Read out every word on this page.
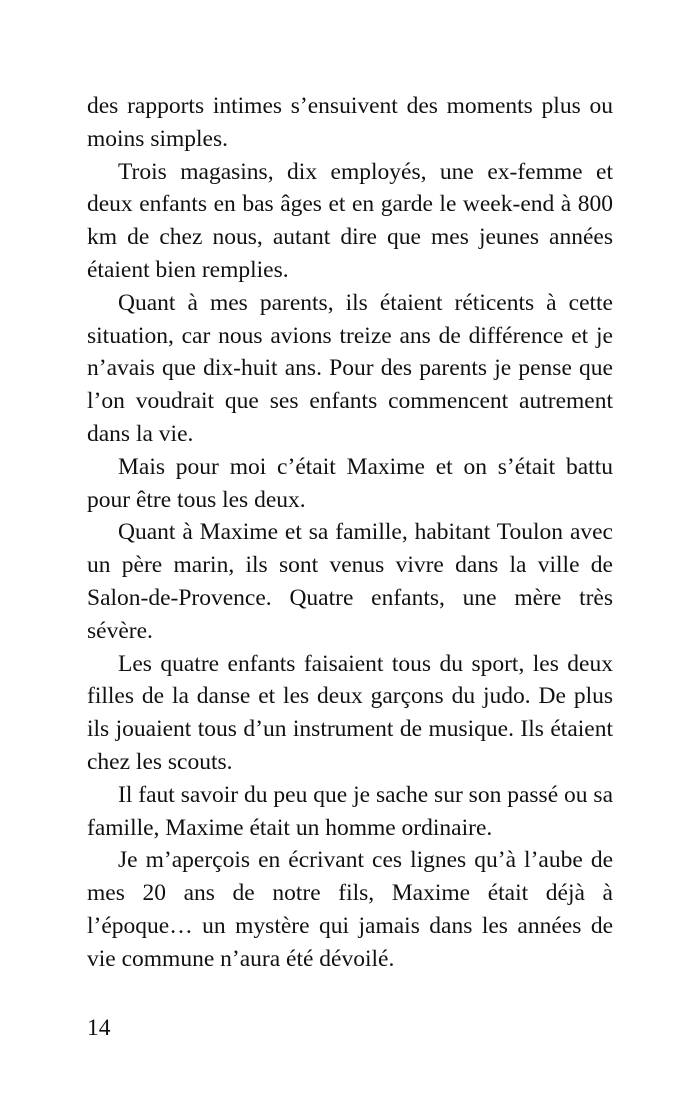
des rapports intimes s’ensuivent des moments plus ou moins simples.

Trois magasins, dix employés, une ex-femme et deux enfants en bas âges et en garde le week-end à 800 km de chez nous, autant dire que mes jeunes années étaient bien remplies.

Quant à mes parents, ils étaient réticents à cette situation, car nous avions treize ans de différence et je n’avais que dix-huit ans. Pour des parents je pense que l’on voudrait que ses enfants commencent autrement dans la vie.

Mais pour moi c’était Maxime et on s’était battu pour être tous les deux.

Quant à Maxime et sa famille, habitant Toulon avec un père marin, ils sont venus vivre dans la ville de Salon-de-Provence. Quatre enfants, une mère très sévère.

Les quatre enfants faisaient tous du sport, les deux filles de la danse et les deux garçons du judo. De plus ils jouaient tous d’un instrument de musique. Ils étaient chez les scouts.

Il faut savoir du peu que je sache sur son passé ou sa famille, Maxime était un homme ordinaire.

Je m’aperçois en écrivant ces lignes qu’à l’aube de mes 20 ans de notre fils, Maxime était déjà à l’époque… un mystère qui jamais dans les années de vie commune n’aura été dévoilé.

14
